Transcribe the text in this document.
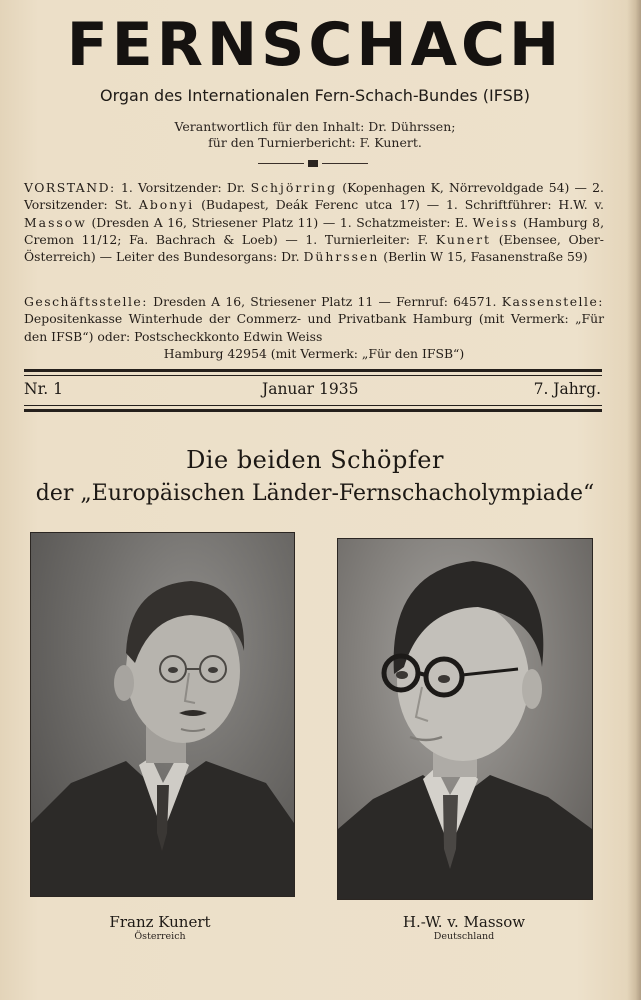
FERNSCHACH
Organ des Internationalen Fern-Schach-Bundes (IFSB)
Verantwortlich für den Inhalt: Dr. Dührssen;
für den Turnierbericht: F. Kunert.
VORSTAND: 1. Vorsitzender: Dr. Schjörring (Kopenhagen K, Nörrevoldgade 54) — 2. Vorsitzender: St. Abonyi (Budapest, Deák Ferenc utca 17) — 1. Schriftführer: H.W. v. Massow (Dresden A 16, Striesener Platz 11) — 1. Schatzmeister: E. Weiss (Hamburg 8, Cremon 11/12; Fa. Bachrach & Loeb) — 1. Turnierleiter: F. Kunert (Ebensee, Ober-Österreich) — Leiter des Bundesorgans: Dr. Dührssen (Berlin W 15, Fasanenstraße 59)
Geschäftsstelle: Dresden A 16, Striesener Platz 11 — Fernruf: 64571. Kassenstelle: Depositenkasse Winterhude der Commerz- und Privatbank Hamburg (mit Vermerk: „Für den IFSB“) oder: Postscheckkonto Edwin Weiss
Hamburg 42954 (mit Vermerk: „Für den IFSB“)
Nr. 1	Januar 1935	7. Jahrg.
Die beiden Schöpfer
der „Europäischen Länder-Fernschacholympiade“
Franz Kunert
Österreich
H.-W. v. Massow
Deutschland
